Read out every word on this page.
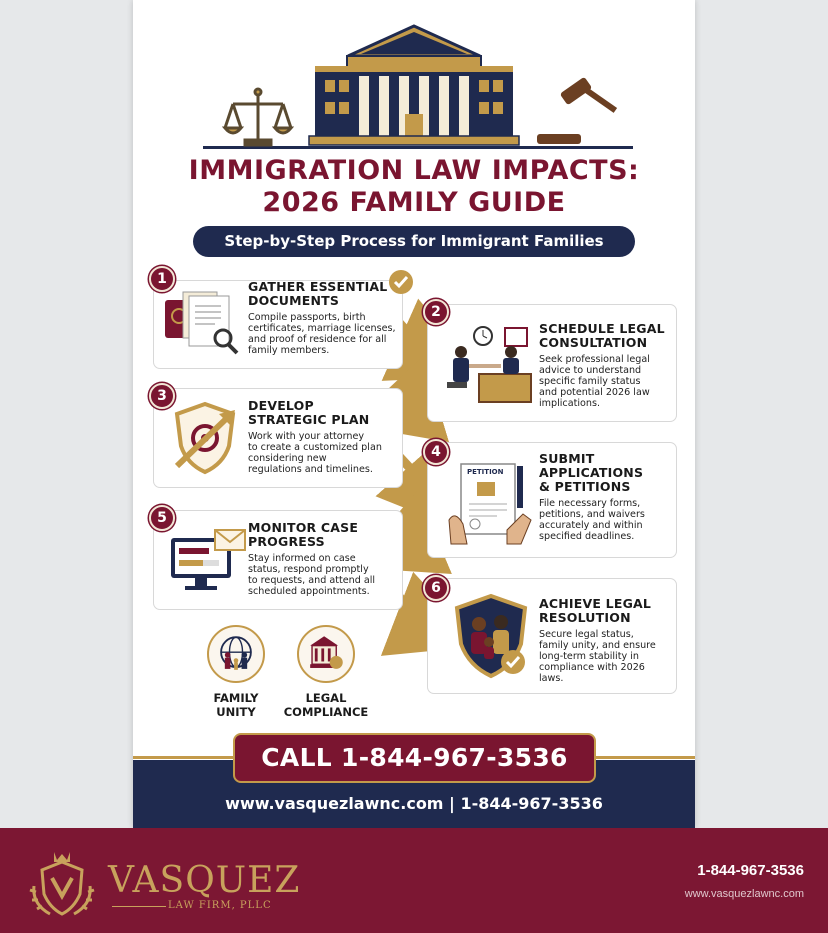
IMMIGRATION LAW IMPACTS:
2026 FAMILY GUIDE
Step-by-Step Process for Immigrant Families
1	GATHER ESSENTIAL
DOCUMENTS
Compile passports, birth
certificates, marriage licenses,
and proof of residence for all
family members.
2
SCHEDULE LEGAL
CONSULTATION
Seek professional legal
advice to understand
specific family status
and potential 2026 law
implications.
3
DEVELOP
STRATEGIC PLAN
Work with your attorney
to create a customized plan
considering new
regulations and timelines.
4
PETITION
SUBMIT
APPLICATIONS
& PETITIONS
File necessary forms,
petitions, and waivers
accurately and within
specified deadlines.
5
MONITOR CASE
PROGRESS
Stay informed on case
status, respond promptly
to requests, and attend all
scheduled appointments.	6
ACHIEVE LEGAL
RESOLUTION
Secure legal status,
family unity, and ensure
long-term stability in
compliance with 2026
laws.
FAMILY
UNITY
LEGAL
COMPLIANCE
CALL 1-844-967-3536
www.vasquezlawnc.com | 1-844-967-3536
VASQUEZ
LAW FIRM, PLLC
1-844-967-3536
www.vasquezlawnc.com
